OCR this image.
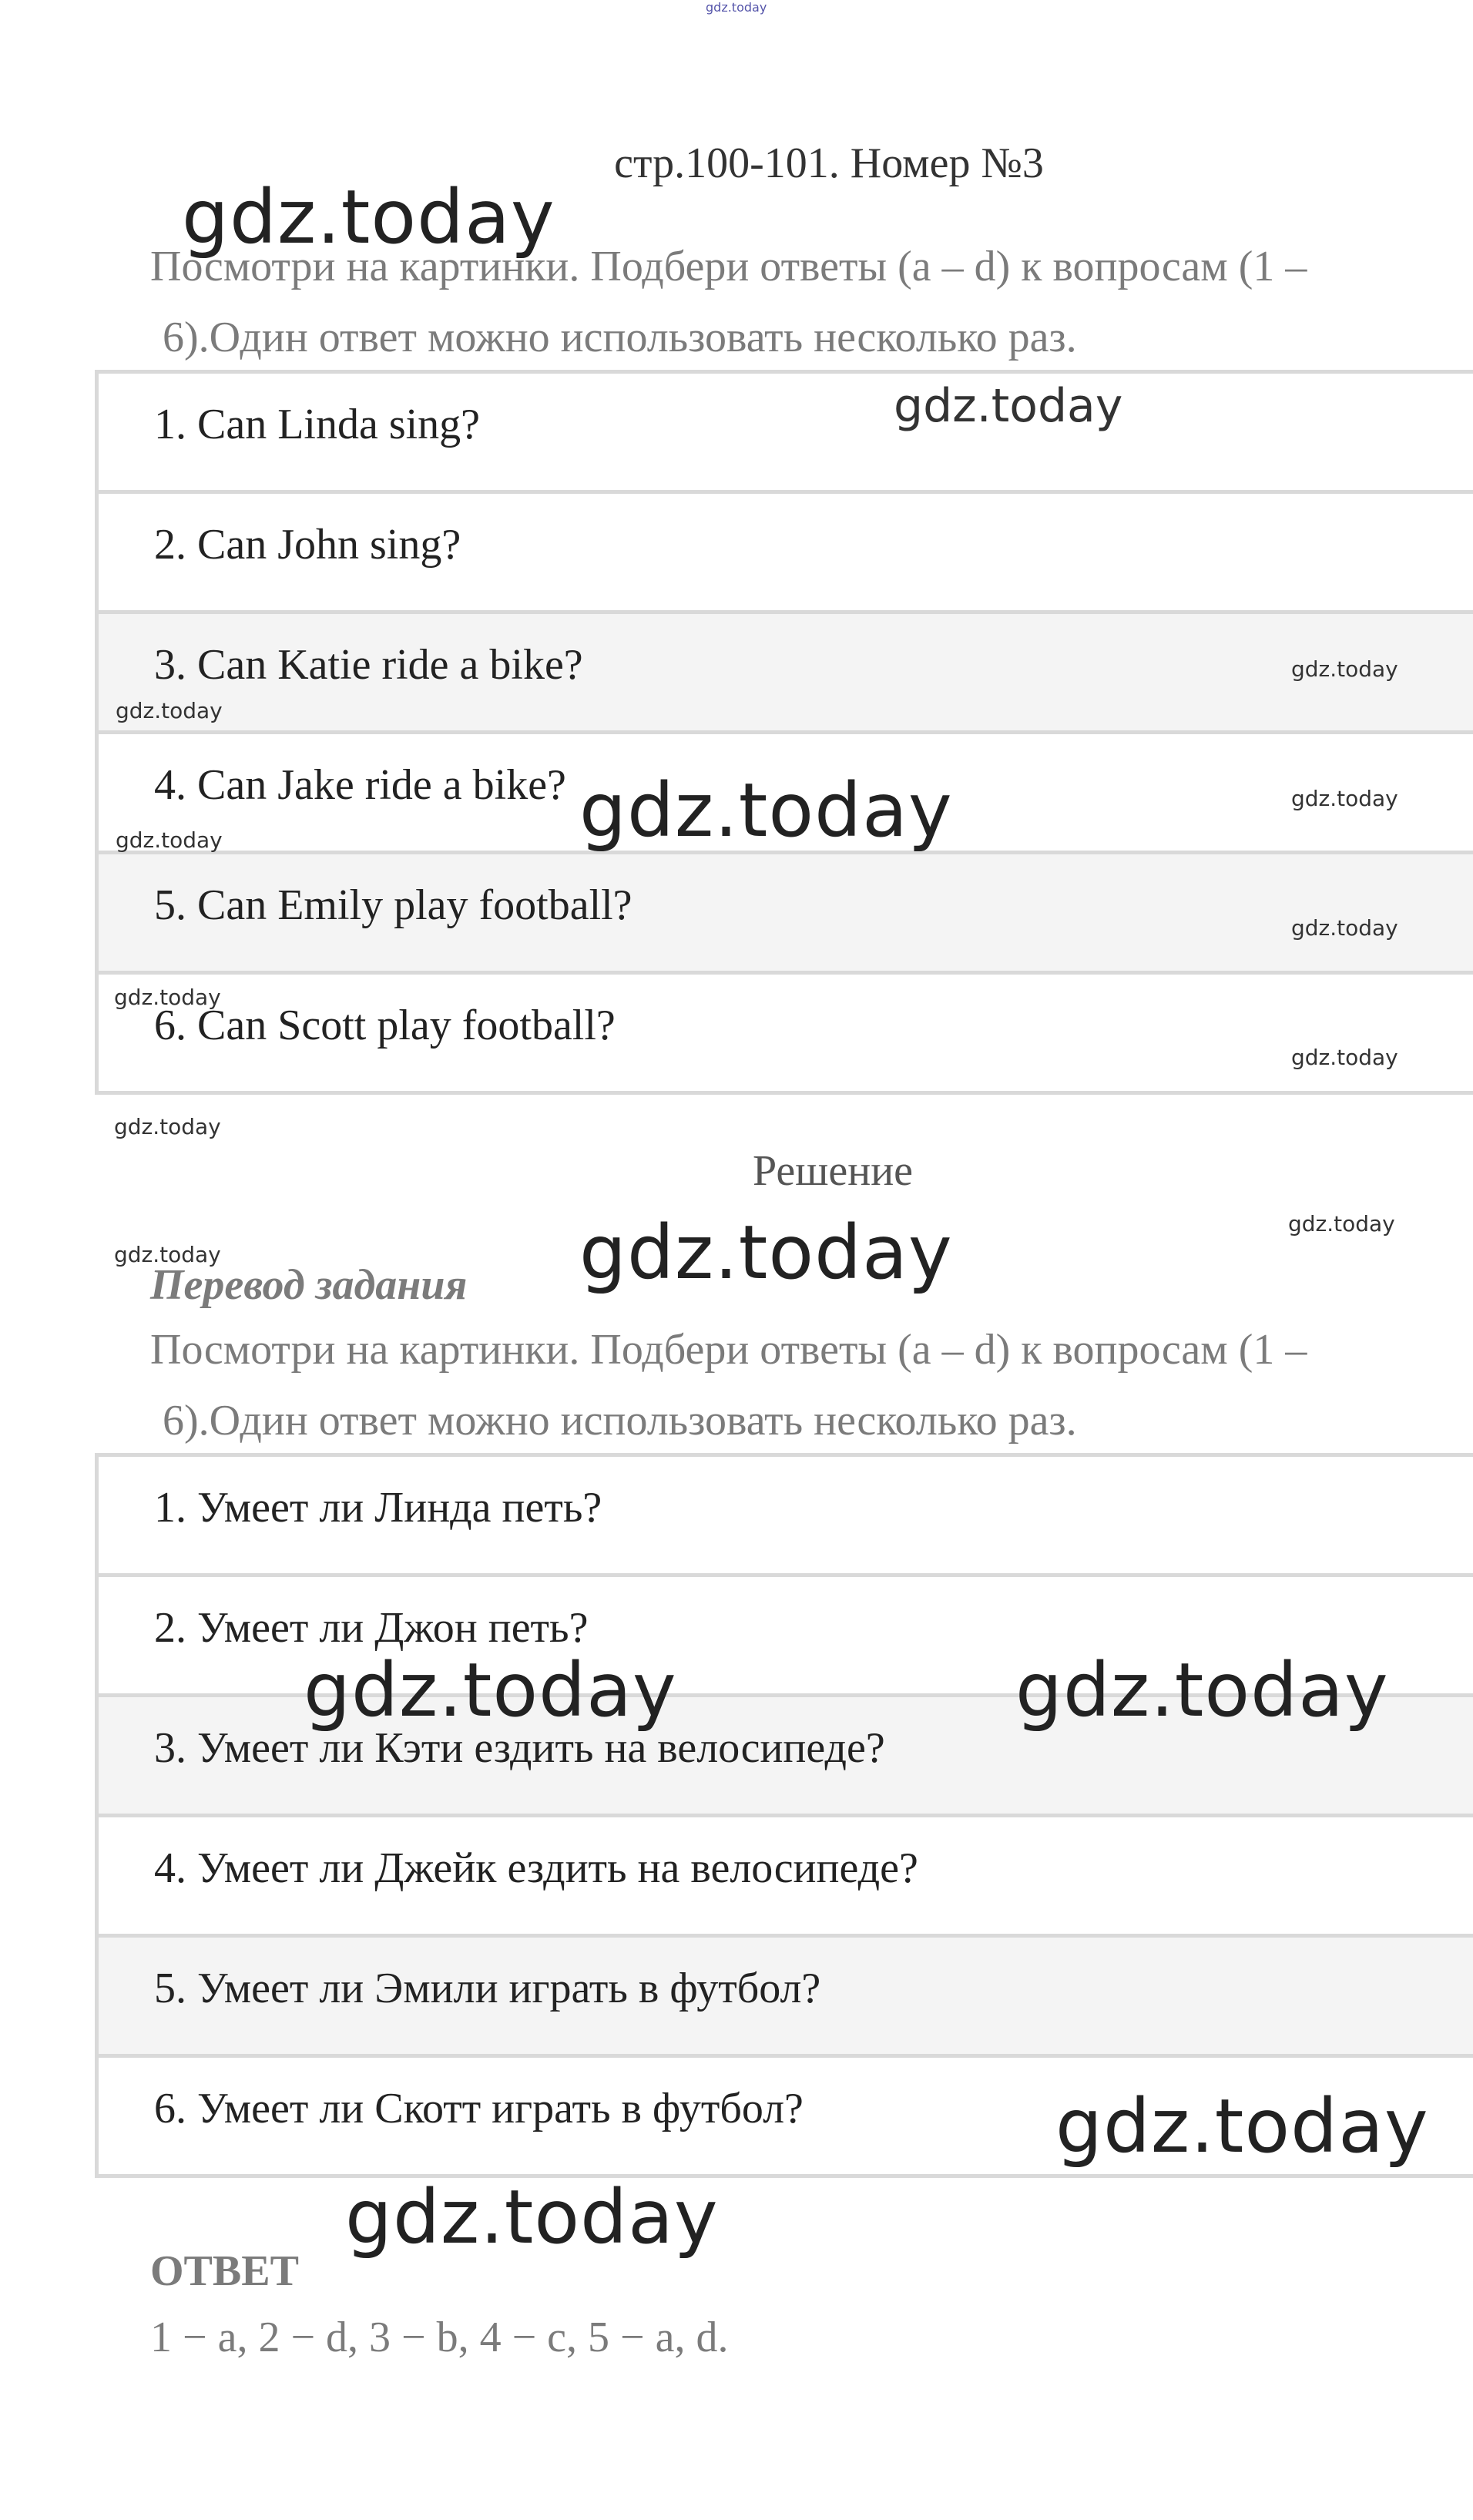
стр.100-101. Номер №3
Посмотри на картинки. Подбери ответы (a – d) к вопросам (1 –
6).Один ответ можно использовать несколько раз.
1. Can Linda sing?
2. Can John sing?
3. Can Katie ride a bike?
4. Can Jake ride a bike?
5. Can Emily play football?
6. Can Scott play football?
Решение
Перевод задания
Посмотри на картинки. Подбери ответы (a – d) к вопросам (1 –
6).Один ответ можно использовать несколько раз.
1. Умеет ли Линда петь?
2. Умеет ли Джон петь?
3. Умеет ли Кэти ездить на велосипеде?
4. Умеет ли Джейк ездить на велосипеде?
5. Умеет ли Эмили играть в футбол?
6. Умеет ли Скотт играть в футбол?
ОТВЕТ
1 − a, 2 − d, 3 − b, 4 − c, 5 − a, d.
gdz.today
gdz.today
gdz.today
gdz.today
gdz.today
gdz.today	gdz.today
gdz.today
gdz.today
gdz.today
gdz.today
gdz.today
gdz.today
gdz.today	gdz.today
gdz.today	gdz.today
gdz.today
gdz.today
